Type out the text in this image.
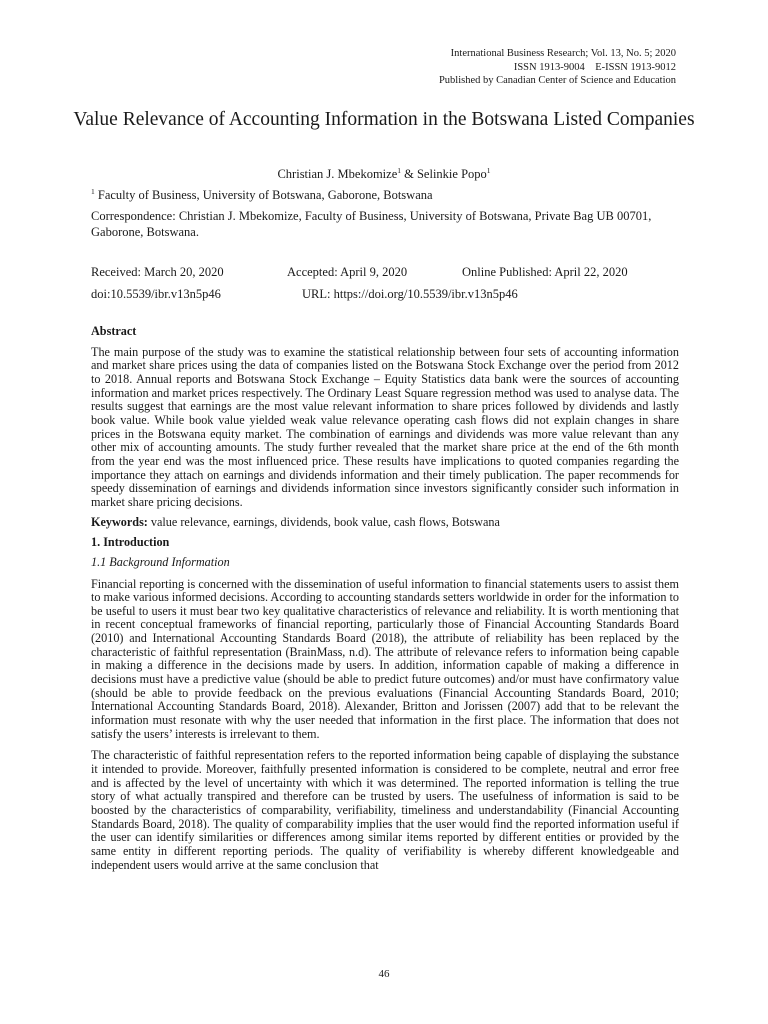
International Business Research; Vol. 13, No. 5; 2020
ISSN 1913-9004    E-ISSN 1913-9012
Published by Canadian Center of Science and Education
Value Relevance of Accounting Information in the Botswana Listed Companies
Christian J. Mbekomize$^1$ & Selinkie Popo$^1$
$^1$ Faculty of Business, University of Botswana, Gaborone, Botswana
Correspondence: Christian J. Mbekomize, Faculty of Business, University of Botswana, Private Bag UB 00701, Gaborone, Botswana.
Received: March 20, 2020	Accepted: April 9, 2020	Online Published: April 22, 2020
doi:10.5539/ibr.v13n5p46	URL: https://doi.org/10.5539/ibr.v13n5p46

Abstract

The main purpose of the study was to examine the statistical relationship between four sets of accounting information and market share prices using the data of companies listed on the Botswana Stock Exchange over the period from 2012 to 2018. Annual reports and Botswana Stock Exchange – Equity Statistics data bank were the sources of accounting information and market prices respectively. The Ordinary Least Square regression method was used to analyse data. The results suggest that earnings are the most value relevant information to share prices followed by dividends and lastly book value. While book value yielded weak value relevance operating cash flows did not explain changes in share prices in the Botswana equity market. The combination of earnings and dividends was more value relevant than any other mix of accounting amounts. The study further revealed that the market share price at the end of the 6th month from the year end was the most influenced price. These results have implications to quoted companies regarding the importance they attach on earnings and dividends information and their timely publication. The paper recommends for speedy dissemination of earnings and dividends information since investors significantly consider such information in market share pricing decisions.

Keywords: value relevance, earnings, dividends, book value, cash flows, Botswana

1. Introduction

1.1 Background Information

Financial reporting is concerned with the dissemination of useful information to financial statements users to assist them to make various informed decisions. According to accounting standards setters worldwide in order for the information to be useful to users it must bear two key qualitative characteristics of relevance and reliability. It is worth mentioning that in recent conceptual frameworks of financial reporting, particularly those of Financial Accounting Standards Board (2010) and International Accounting Standards Board (2018), the attribute of reliability has been replaced by the characteristic of faithful representation (BrainMass, n.d). The attribute of relevance refers to information being capable in making a difference in the decisions made by users. In addition, information capable of making a difference in decisions must have a predictive value (should be able to predict future outcomes) and/or must have confirmatory value (should be able to provide feedback on the previous evaluations (Financial Accounting Standards Board, 2010; International Accounting Standards Board, 2018). Alexander, Britton and Jorissen (2007) add that to be relevant the information must resonate with why the user needed that information in the first place. The information that does not satisfy the users’ interests is irrelevant to them.

The characteristic of faithful representation refers to the reported information being capable of displaying the substance it intended to provide. Moreover, faithfully presented information is considered to be complete, neutral and error free and is affected by the level of uncertainty with which it was determined. The reported information is telling the true story of what actually transpired and therefore can be trusted by users. The usefulness of information is said to be boosted by the characteristics of comparability, verifiability, timeliness and understandability (Financial Accounting Standards Board, 2018). The quality of comparability implies that the user would find the reported information useful if the user can identify similarities or differences among similar items reported by different entities or provided by the same entity in different reporting periods. The quality of verifiability is whereby different knowledgeable and independent users would arrive at the same conclusion that

46
